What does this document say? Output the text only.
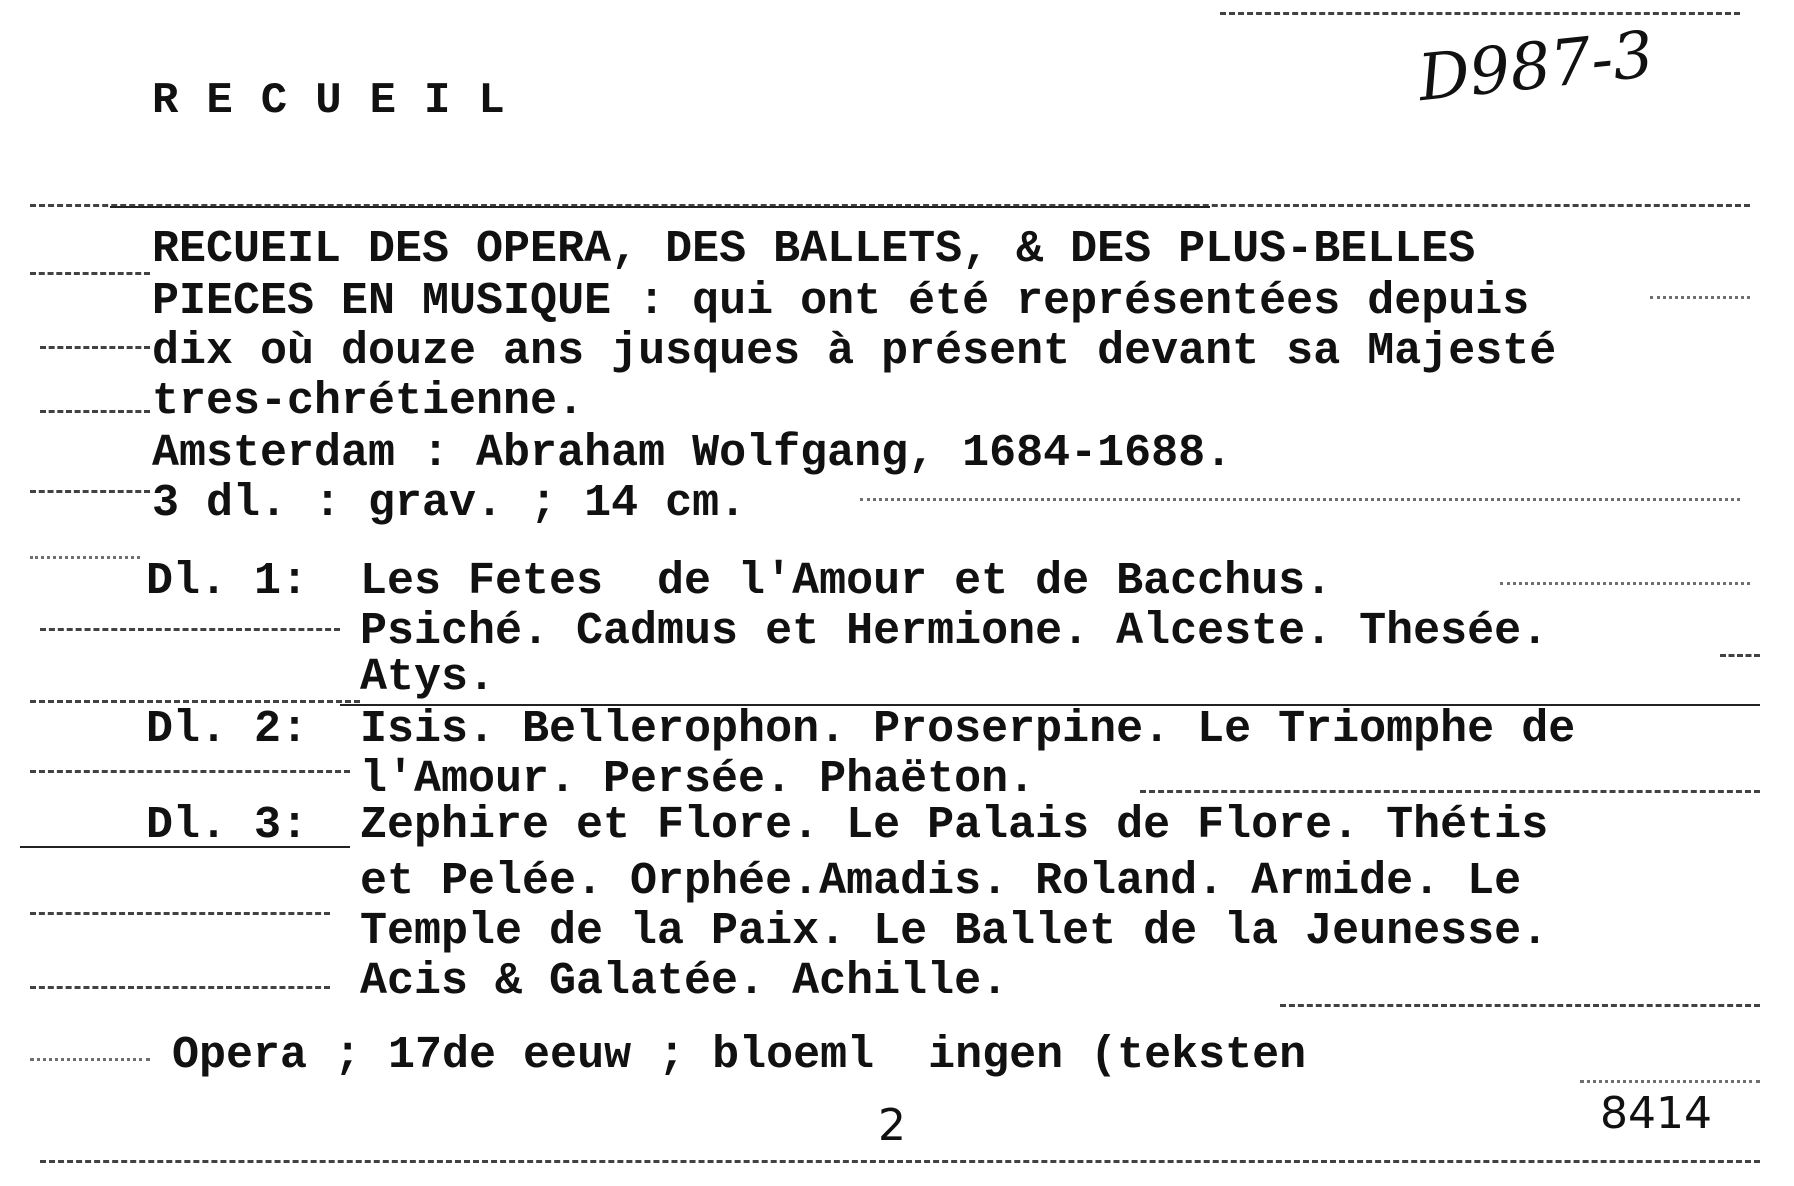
RECUEIL	D987-3
RECUEIL DES OPERA, DES BALLETS, & DES PLUS-BELLES
PIECES EN MUSIQUE : qui ont été représentées depuis
dix où douze ans jusques à présent devant sa Majesté
tres-chrétienne.
Amsterdam : Abraham Wolfgang, 1684-1688.
3 dl. : grav. ; 14 cm.
Dl. 1: Les Fetes  de l'Amour et de Bacchus.
Psiché. Cadmus et Hermione. Alceste. Thesée.
Atys.
Dl. 2: Isis. Bellerophon. Proserpine. Le Triomphe de
l'Amour. Persée. Phaëton.
Dl. 3: Zephire et Flore. Le Palais de Flore. Thétis
et Pelée. Orphée.Amadis. Roland. Armide. Le
Temple de la Paix. Le Ballet de la Jeunesse.
Acis & Galatée. Achille.
Opera ; 17de eeuw ; bloeml  ingen (teksten
2	8414
